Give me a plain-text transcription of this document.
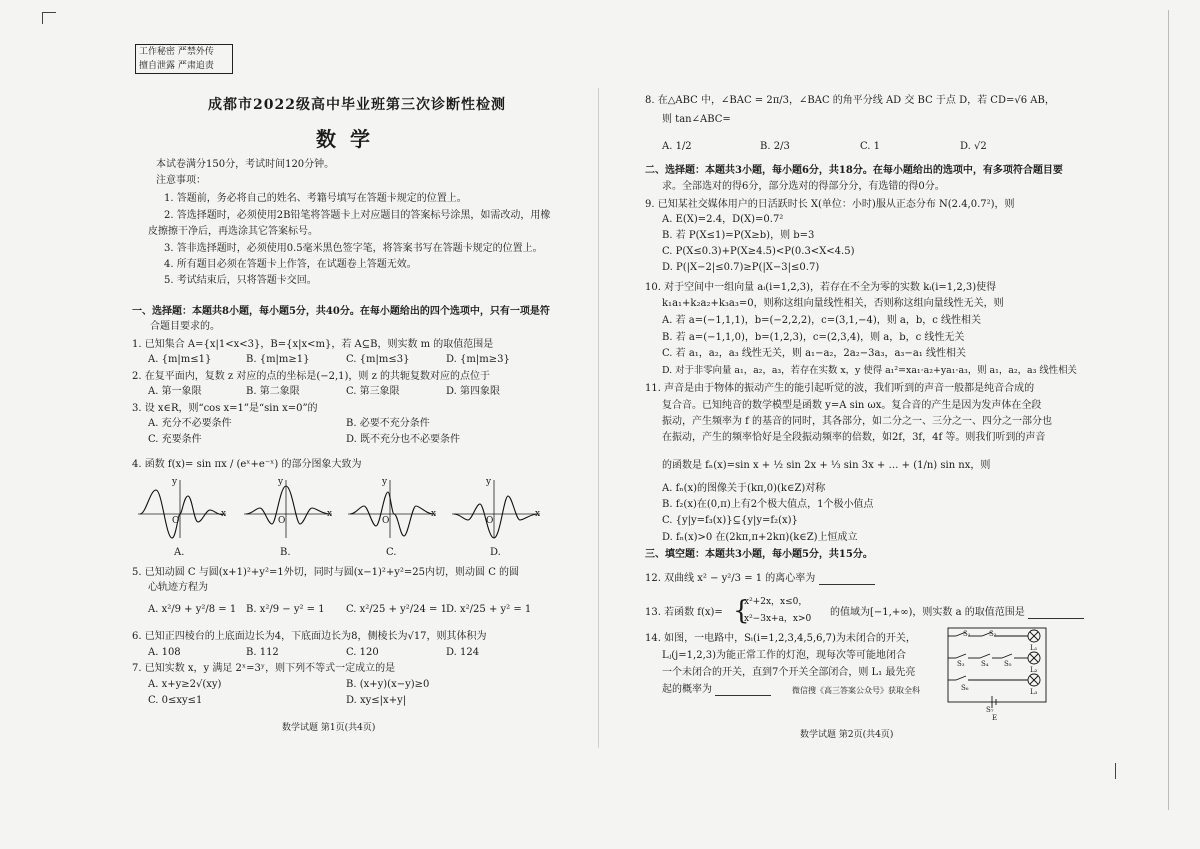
工作秘密 严禁外传
擅自泄露 严肃追责
成都市2022级高中毕业班第三次诊断性检测
数学
本试卷满分150分，考试时间120分钟。
注意事项：
1. 答题前，务必将自己的姓名、考籍号填写在答题卡规定的位置上。
2. 答选择题时，必须使用2B铅笔将答题卡上对应题目的答案标号涂黑，如需改动，用橡
皮擦擦干净后，再选涂其它答案标号。
3. 答非选择题时，必须使用0.5毫米黑色签字笔，将答案书写在答题卡规定的位置上。
4. 所有题目必须在答题卡上作答，在试题卷上答题无效。
5. 考试结束后，只将答题卡交回。
一、选择题：本题共8小题，每小题5分，共40分。在每小题给出的四个选项中，只有一项是符
合题目要求的。
1. 已知集合 A={x|1<x<3}，B={x|x<m}，若 A⊆B，则实数 m 的取值范围是
A. {m|m≤1}	B. {m|m≥1}	C. {m|m≤3}	D. {m|m≥3}
2. 在复平面内，复数 z 对应的点的坐标是(−2,1)，则 z 的共轭复数对应的点位于
A. 第一象限	B. 第二象限	C. 第三象限	D. 第四象限
3. 设 x∈R，则“cos x=1”是“sin x=0”的
A. 充分不必要条件	B. 必要不充分条件
C. 充要条件	D. 既不充分也不必要条件
4. 函数 f(x)= sin πx / (eˣ+e⁻ˣ) 的部分图象大致为
y
x
O
y
x
O
y
x
O
y
x
O
A.	B.	C.	D.
5. 已知动圆 C 与圆(x+1)²+y²=1外切，同时与圆(x−1)²+y²=25内切，则动圆 C 的圆
心轨迹方程为
A. x²/9 + y²/8 = 1 B. x²/9 − y² = 1 C. x²/25 + y²/24 = 1 D. x²/25 + y² = 1
6. 已知正四棱台的上底面边长为4，下底面边长为8，侧棱长为√17，则其体积为
A. 108	B. 112	C. 120	D. 124
7. 已知实数 x，y 满足 2ˣ=3ʸ，则下列不等式一定成立的是
A. x+y≥2√(xy)	B. (x+y)(x−y)≥0
C. 0≤xy≤1	D. xy≤|x+y|
数学试题 第1页(共4页)
8. 在△ABC 中，∠BAC = 2π/3，∠BAC 的角平分线 AD 交 BC 于点 D，若 CD=√6 AB，
则 tan∠ABC=
A. 1/2	B. 2/3	C. 1	D. √2
二、选择题：本题共3小题，每小题6分，共18分。在每小题给出的选项中，有多项符合题目要
求。全部选对的得6分，部分选对的得部分分，有选错的得0分。
9. 已知某社交媒体用户的日活跃时长 X(单位：小时)服从正态分布 N(2.4,0.7²)，则
A. E(X)=2.4，D(X)=0.7²
B. 若 P(X≤1)=P(X≥b)，则 b=3
C. P(X≤0.3)+P(X≥4.5)<P(0.3<X<4.5)
D. P(|X−2|≤0.7)≥P(|X−3|≤0.7)
10. 对于空间中一组向量 aᵢ(i=1,2,3)，若存在不全为零的实数 kᵢ(i=1,2,3)使得
k₁a₁+k₂a₂+k₃a₃=0，则称这组向量线性相关，否则称这组向量线性无关，则
A. 若 a=(−1,1,1)，b=(−2,2,2)，c=(3,1,−4)，则 a，b，c 线性相关
B. 若 a=(−1,1,0)，b=(1,2,3)，c=(2,3,4)，则 a，b，c 线性无关
C. 若 a₁，a₂，a₃ 线性无关，则 a₁−a₂，2a₂−3a₃，a₃−a₁ 线性相关
D. 对于非零向量 a₁，a₂，a₃，若存在实数 x，y 使得 a₁²=xa₁·a₂+ya₁·a₃，则 a₁，a₂，a₃ 线性相关
11. 声音是由于物体的振动产生的能引起听觉的波，我们听到的声音一般都是纯音合成的
复合音。已知纯音的数学模型是函数 y=A sin ωx。复合音的产生是因为发声体在全段
振动，产生频率为 f 的基音的同时，其各部分，如二分之一、三分之一、四分之一部分也
在振动，产生的频率恰好是全段振动频率的倍数，如2f，3f，4f 等。则我们听到的声音
的函数是 fₙ(x)=sin x + ½ sin 2x + ⅓ sin 3x + … + (1/n) sin nx，则
A. fₙ(x)的图像关于(kπ,0)(k∈Z)对称
B. f₂(x)在(0,π)上有2个极大值点，1个极小值点
C. {y|y=f₃(x)}⊆{y|y=f₂(x)}
D. fₙ(x)>0 在(2kπ,π+2kπ)(k∈Z)上恒成立
三、填空题：本题共3小题，每小题5分，共15分。
12. 双曲线 x² − y²/3 = 1 的离心率为
13. 若函数 f(x)= {
x²+2x，x≤0，
x²−3x+a，x>0
的值域为[−1,+∞)，则实数 a 的取值范围是
14. 如图，一电路中，Sᵢ(i=1,2,3,4,5,6,7)为未闭合的开关，
Lⱼ(j=1,2,3)为能正常工作的灯泡，现每次等可能地闭合
一个未闭合的开关，直到7个开关全部闭合，则 L₁ 最先亮
起的概率为	微信搜《高三答案公众号》获取全科
S₁	S₂
S₃ S₄ S₅
S₆
S₇
L₁
L₂
L₃
E
数学试题 第2页(共4页)
